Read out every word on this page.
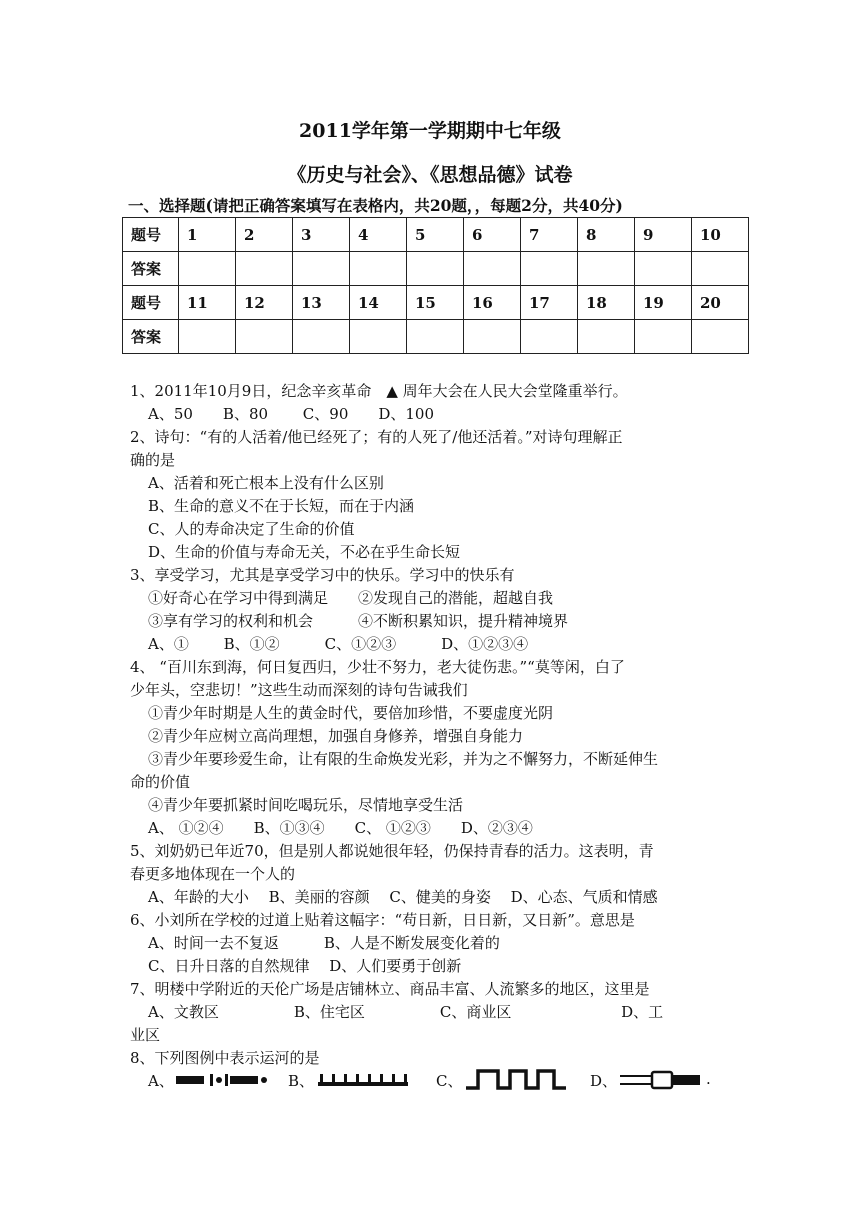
2011学年第一学期期中七年级
《历史与社会》、《思想品德》试卷
一、选择题(请把正确答案填写在表格内，共20题，，每题2分，共40分)
题号	1	2	3	4	5	6	7	8	9	10
答案										
题号	11	12	13	14	15	16	17	18	19	20
答案										
1、2011年10月9日，纪念辛亥革命　▲ 周年大会在人民大会堂隆重举行。
A、50　　B、80　　 C、90　　D、100
2、诗句：“有的人活着/他已经死了；有的人死了/他还活着。”对诗句理解正
确的是
A、活着和死亡根本上没有什么区别
B、生命的意义不在于长短，而在于内涵
C、人的寿命决定了生命的价值
D、生命的价值与寿命无关，不必在乎生命长短
3、享受学习，尤其是享受学习中的快乐。学习中的快乐有
①好奇心在学习中得到满足　　②发现自己的潜能，超越自我
③享有学习的权利和机会　　　④不断积累知识，提升精神境界
A、①　　 B、①②　　　C、①②③　　　D、①②③④
4、 “百川东到海，何日复西归，少壮不努力，老大徒伤悲。”“莫等闲，白了
少年头，空悲切！”这些生动而深刻的诗句告诫我们
①青少年时期是人生的黄金时代，要倍加珍惜，不要虚度光阴
②青少年应树立高尚理想，加强自身修养，增强自身能力
③青少年要珍爱生命，让有限的生命焕发光彩，并为之不懈努力，不断延伸生
命的价值
④青少年要抓紧时间吃喝玩乐，尽情地享受生活
A、 ①②④　　B、①③④　　C、 ①②③　　D、②③④
5、刘奶奶已年近70，但是别人都说她很年轻，仍保持青春的活力。这表明，青
春更多地体现在一个人的
A、年龄的大小　 B、美丽的容颜　 C、健美的身姿　 D、心态、气质和情感
6、小刘所在学校的过道上贴着这幅字：“苟日新，日日新，又日新”。意思是
A、时间一去不复返　　　B、人是不断发展变化着的
C、日升日落的自然规律　 D、人们要勇于创新
7、明楼中学附近的天伦广场是店铺林立、商品丰富、人流繁多的地区，这里是
A、文教区　　　　　B、住宅区　　　　　C、商业区　　　　　　　 D、工
业区
8、下列图例中表示运河的是
A、	B、	C、	D、	.
